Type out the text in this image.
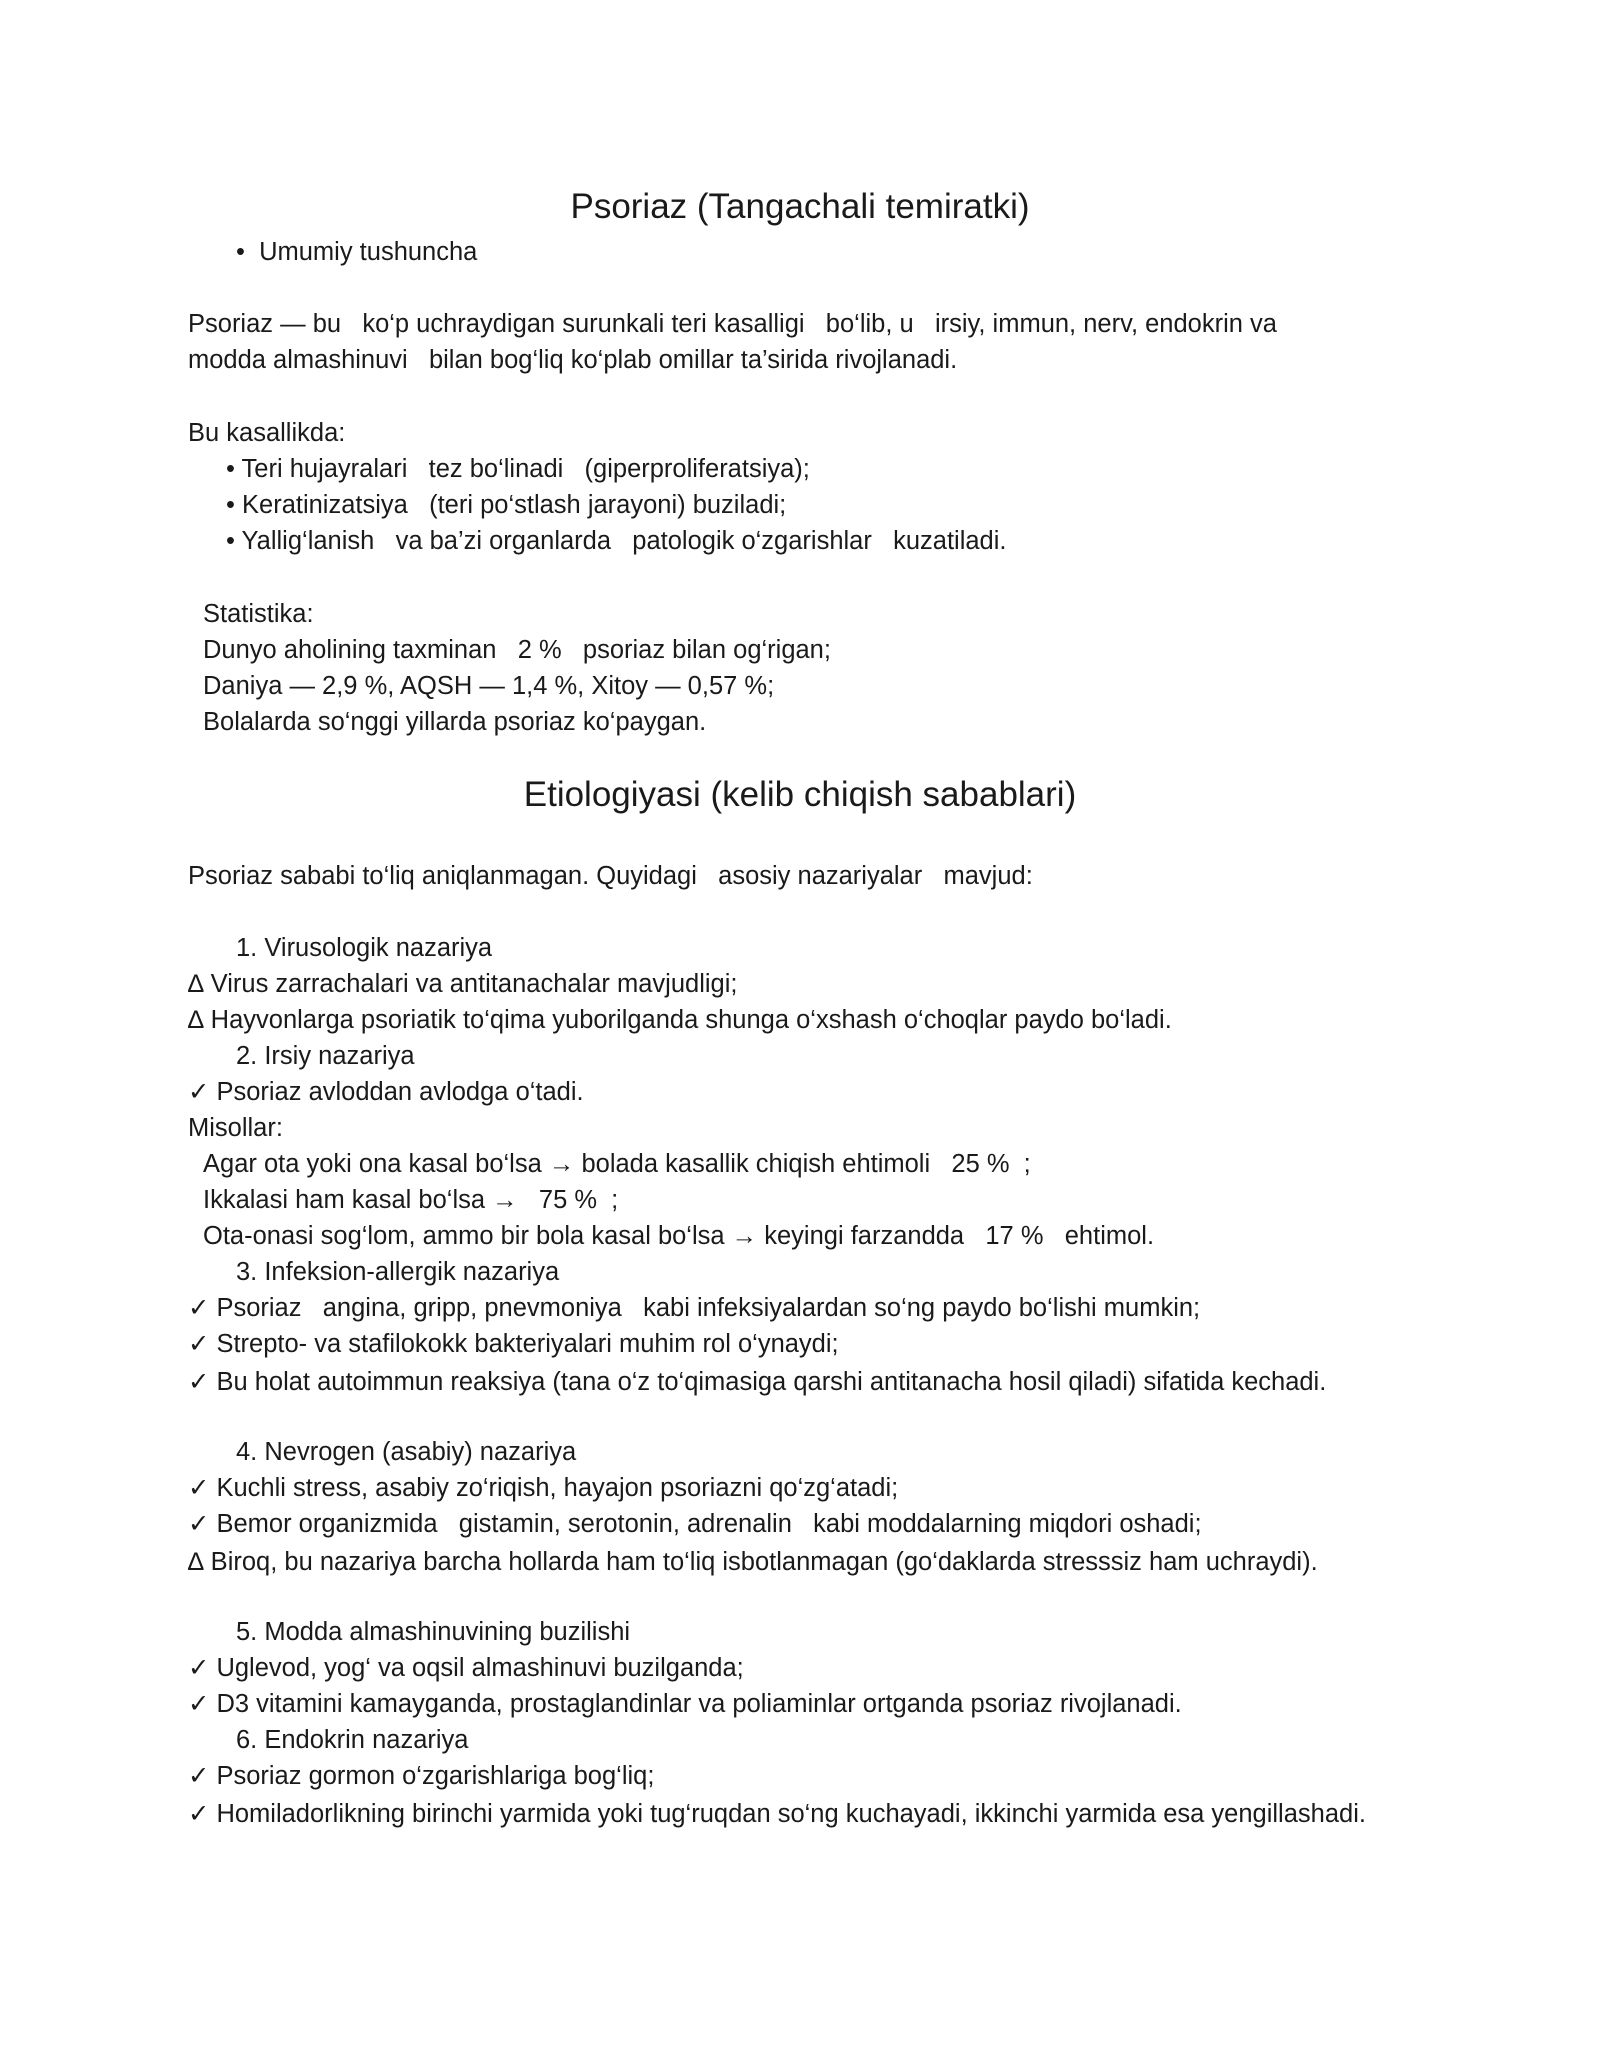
Psoriaz (Tangachali temiratki)
•  Umumiy tushuncha
Psoriaz — bu   ko‘p uchraydigan surunkali teri kasalligi   bo‘lib, u   irsiy, immun, nerv, endokrin va
modda almashinuvi   bilan bog‘liq ko‘plab omillar ta’sirida rivojlanadi.
Bu kasallikda:
• Teri hujayralari   tez bo‘linadi   (giperproliferatsiya);
• Keratinizatsiya   (teri po‘stlash jarayoni) buziladi;
• Yallig‘lanish   va ba’zi organlarda   patologik o‘zgarishlar   kuzatiladi.
Statistika:
Dunyo aholining taxminan   2 %   psoriaz bilan og‘rigan;
Daniya — 2,9 %, AQSH — 1,4 %, Xitoy — 0,57 %;
Bolalarda so‘nggi yillarda psoriaz ko‘paygan.
Etiologiyasi (kelib chiqish sabablari)
Psoriaz sababi to‘liq aniqlanmagan. Quyidagi   asosiy nazariyalar   mavjud:
1. Virusologik nazariya
∆ Virus zarrachalari va antitanachalar mavjudligi;
∆ Hayvonlarga psoriatik to‘qima yuborilganda shunga o‘xshash o‘choqlar paydo bo‘ladi.
2. Irsiy nazariya
✓ Psoriaz avloddan avlodga o‘tadi.
Misollar:
Agar ota yoki ona kasal bo‘lsa → bolada kasallik chiqish ehtimoli   25 %  ;
Ikkalasi ham kasal bo‘lsa →   75 %  ;
Ota-onasi sog‘lom, ammo bir bola kasal bo‘lsa → keyingi farzandda   17 %   ehtimol.
3. Infeksion-allergik nazariya
✓ Psoriaz   angina, gripp, pnevmoniya   kabi infeksiyalardan so‘ng paydo bo‘lishi mumkin;
✓ Strepto- va stafilokokk bakteriyalari muhim rol o‘ynaydi;
✓ Bu holat autoimmun reaksiya (tana o‘z to‘qimasiga qarshi antitanacha hosil qiladi) sifatida kechadi.
4. Nevrogen (asabiy) nazariya
✓ Kuchli stress, asabiy zo‘riqish, hayajon psoriazni qo‘zg‘atadi;
✓ Bemor organizmida   gistamin, serotonin, adrenalin   kabi moddalarning miqdori oshadi;
∆ Biroq, bu nazariya barcha hollarda ham to‘liq isbotlanmagan (go‘daklarda stresssiz ham uchraydi).
5. Modda almashinuvining buzilishi
✓ Uglevod, yog‘ va oqsil almashinuvi buzilganda;
✓ D3 vitamini kamayganda, prostaglandinlar va poliaminlar ortganda psoriaz rivojlanadi.
6. Endokrin nazariya
✓ Psoriaz gormon o‘zgarishlariga bog‘liq;
✓ Homiladorlikning birinchi yarmida yoki tug‘ruqdan so‘ng kuchayadi, ikkinchi yarmida esa yengillashadi.
